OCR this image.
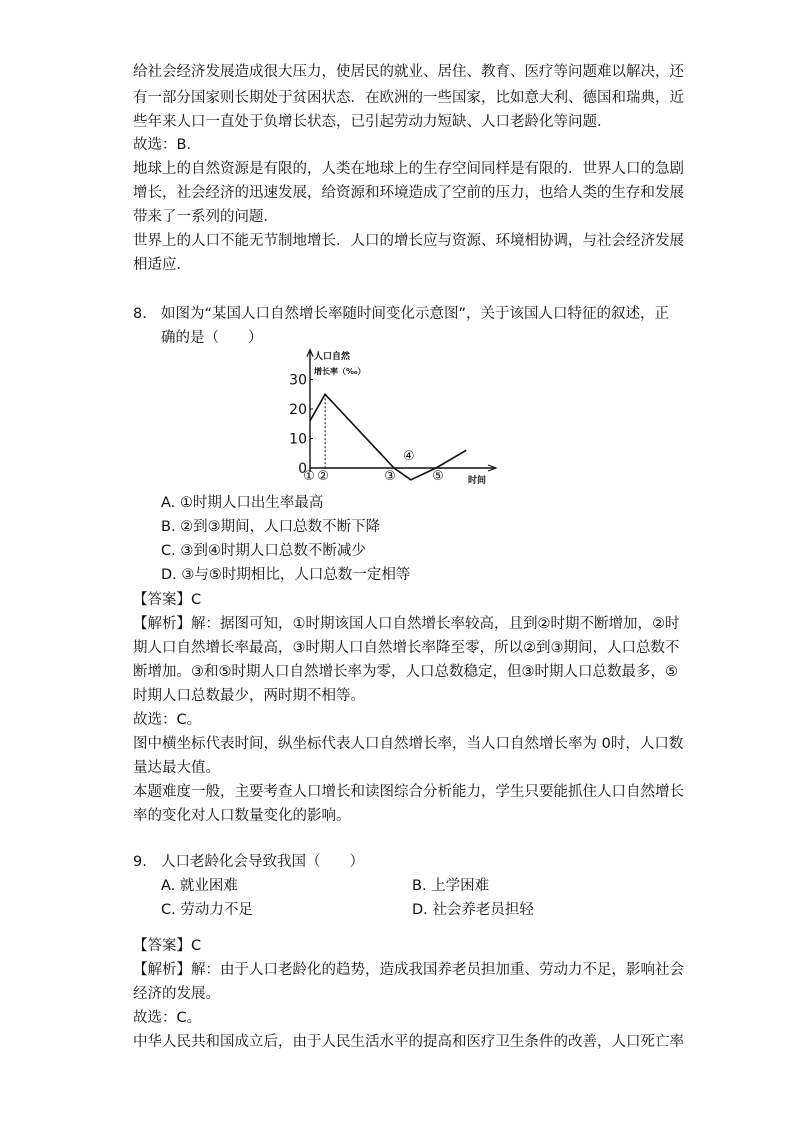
给社会经济发展造成很大压力，使居民的就业、居住、教育、医疗等问题难以解决，还
有一部分国家则长期处于贫困状态．在欧洲的一些国家，比如意大利、德国和瑞典，近
些年来人口一直处于负增长状态，已引起劳动力短缺、人口老龄化等问题．
故选：B．
地球上的自然资源是有限的，人类在地球上的生存空间同样是有限的．世界人口的急剧
增长，社会经济的迅速发展，给资源和环境造成了空前的压力，也给人类的生存和发展
带来了一系列的问题．
世界上的人口不能无节制地增长．人口的增长应与资源、环境相协调，与社会经济发展
相适应．
8. 如图为“某国人口自然增长率随时间变化示意图”，关于该国人口特征的叙述，正
确的是（　　）
人口自然
增长率（‰）
30
20
10
0
① ②	③
④
⑤	时间
A. ①时期人口出生率最高
B. ②到③期间，人口总数不断下降
C. ③到④时期人口总数不断减少
D. ③与⑤时期相比，人口总数一定相等
【答案】C
【解析】解：据图可知，①时期该国人口自然增长率较高，且到②时期不断增加，②时
期人口自然增长率最高，③时期人口自然增长率降至零，所以②到③期间，人口总数不
断增加。③和⑤时期人口自然增长率为零，人口总数稳定，但③时期人口总数最多，⑤
时期人口总数最少，两时期不相等。
故选：C。
图中横坐标代表时间，纵坐标代表人口自然增长率，当人口自然增长率为 0时，人口数
量达最大值。
本题难度一般，主要考查人口增长和读图综合分析能力，学生只要能抓住人口自然增长
率的变化对人口数量变化的影响。
9. 人口老龄化会导致我国（　　）
A. 就业困难	B. 上学困难
C. 劳动力不足	D. 社会养老员担轻
【答案】C
【解析】解：由于人口老龄化的趋势，造成我国养老员担加重、劳动力不足，影响社会
经济的发展。
故选：C。
中华人民共和国成立后，由于人民生活水平的提高和医疗卫生条件的改善，人口死亡率
